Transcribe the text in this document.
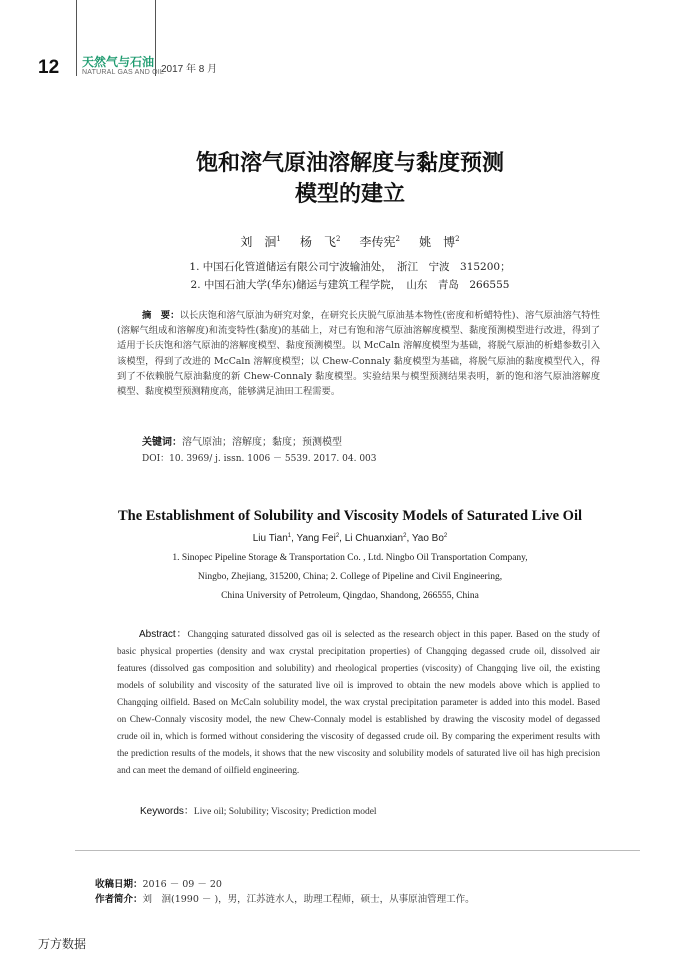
12 天然气与石油
NATURAL GAS AND OIL
2017 年 8 月
饱和溶气原油溶解度与黏度预测
模型的建立
刘　洄$^1$ 杨　飞$^2$ 李传宪$^2$ 姚　博$^2$
1. 中国石化管道储运有限公司宁波输油处，　浙江　宁波　315200；
2. 中国石油大学(华东)储运与建筑工程学院，　山东　青岛　266555
摘　要：以长庆饱和溶气原油为研究对象，在研究长庆脱气原油基本物性(密度和析蜡特性)、溶气原油溶气特性(溶解气组成和溶解度)和流变特性(黏度)的基础上，对已有饱和溶气原油溶解度模型、黏度预测模型进行改进，得到了适用于长庆饱和溶气原油的溶解度模型、黏度预测模型。以 McCaln 溶解度模型为基础，将脱气原油的析蜡参数引入该模型，得到了改进的 McCaln 溶解度模型；以 Chew-Connaly 黏度模型为基础，将脱气原油的黏度模型代入，得到了不依赖脱气原油黏度的新 Chew-Connaly 黏度模型。实验结果与模型预测结果表明，新的饱和溶气原油溶解度模型、黏度模型预测精度高，能够满足油田工程需要。
关键词：溶气原油；溶解度；黏度；预测模型
DOI：10. 3969/ j. issn. 1006 － 5539. 2017. 04. 003
The Establishment of Solubility and Viscosity Models of Saturated Live Oil
Liu Tian$^1$, Yang Fei$^2$, Li Chuanxian$^2$, Yao Bo$^2$
1. Sinopec Pipeline Storage & Transportation Co. , Ltd. Ningbo Oil Transportation Company,
Ningbo, Zhejiang, 315200, China; 2. College of Pipeline and Civil Engineering,
China University of Petroleum, Qingdao, Shandong, 266555, China
Abstract：Changqing saturated dissolved gas oil is selected as the research object in this paper. Based on the study of basic physical properties (density and wax crystal precipitation properties) of Changqing degassed crude oil, dissolved air features (dissolved gas composition and solubility) and rheological properties (viscosity) of Changqing live oil, the existing models of solubility and viscosity of the saturated live oil is improved to obtain the new models above which is applied to Changqing oilfield. Based on McCaln solubility model, the wax crystal precipitation parameter is added into this model. Based on Chew-Connaly viscosity model, the new Chew-Connaly model is established by drawing the viscosity model of degassed crude oil in, which is formed without considering the viscosity of degassed crude oil. By comparing the experiment results with the prediction results of the models, it shows that the new viscosity and solubility models of saturated live oil has high precision and can meet the demand of oilfield engineering.
Keywords：Live oil; Solubility; Viscosity; Prediction model
收稿日期：2016 － 09 － 20
作者简介：刘　洄(1990 － )，男，江苏涟水人，助理工程师，硕士，从事原油管理工作。
万方数据
